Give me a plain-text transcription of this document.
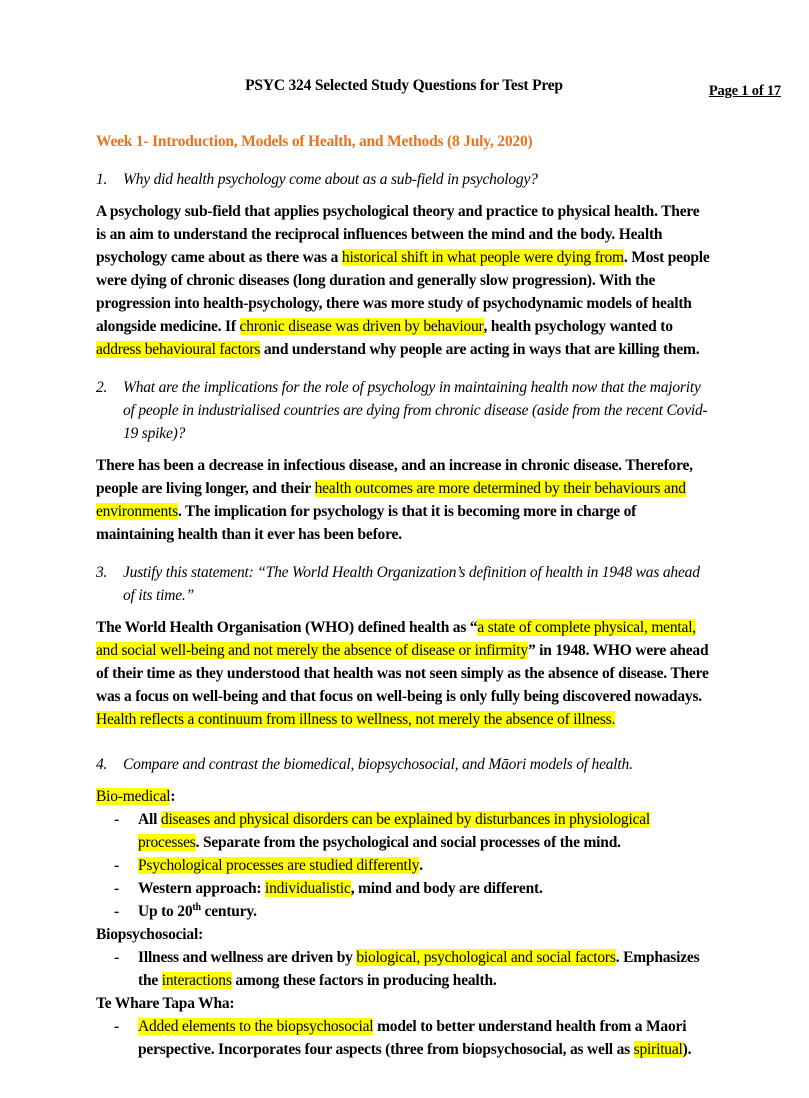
Page 1 of 17
PSYC 324 Selected Study Questions for Test Prep
Week 1- Introduction, Models of Health, and Methods (8 July, 2020)
1.	Why did health psychology come about as a sub-field in psychology?

A psychology sub-field that applies psychological theory and practice to physical health. There is an aim to understand the reciprocal influences between the mind and the body. Health psychology came about as there was a historical shift in what people were dying from. Most people were dying of chronic diseases (long duration and generally slow progression). With the progression into health-psychology, there was more study of psychodynamic models of health alongside medicine. If chronic disease was driven by behaviour, health psychology wanted to address behavioural factors and understand why people are acting in ways that are killing them.

2.	What are the implications for the role of psychology in maintaining health now that the majority of people in industrialised countries are dying from chronic disease (aside from the recent Covid-19 spike)?

There has been a decrease in infectious disease, and an increase in chronic disease. Therefore, people are living longer, and their health outcomes are more determined by their behaviours and environments. The implication for psychology is that it is becoming more in charge of maintaining health than it ever has been before.

3.	Justify this statement: “The World Health Organization’s definition of health in 1948 was ahead of its time.”

The World Health Organisation (WHO) defined health as “a state of complete physical, mental, and social well-being and not merely the absence of disease or infirmity” in 1948. WHO were ahead of their time as they understood that health was not seen simply as the absence of disease. There was a focus on well-being and that focus on well-being is only fully being discovered nowadays. Health reflects a continuum from illness to wellness, not merely the absence of illness.

4.	Compare and contrast the biomedical, biopsychosocial, and Māori models of health.
Bio-medical:
- All diseases and physical disorders can be explained by disturbances in physiological processes. Separate from the psychological and social processes of the mind.
- Psychological processes are studied differently.
- Western approach: individualistic, mind and body are different.
- Up to 20th century.
Biopsychosocial:
- Illness and wellness are driven by biological, psychological and social factors. Emphasizes the interactions among these factors in producing health.
Te Whare Tapa Wha:
- Added elements to the biopsychosocial model to better understand health from a Maori perspective. Incorporates four aspects (three from biopsychosocial, as well as spiritual).
